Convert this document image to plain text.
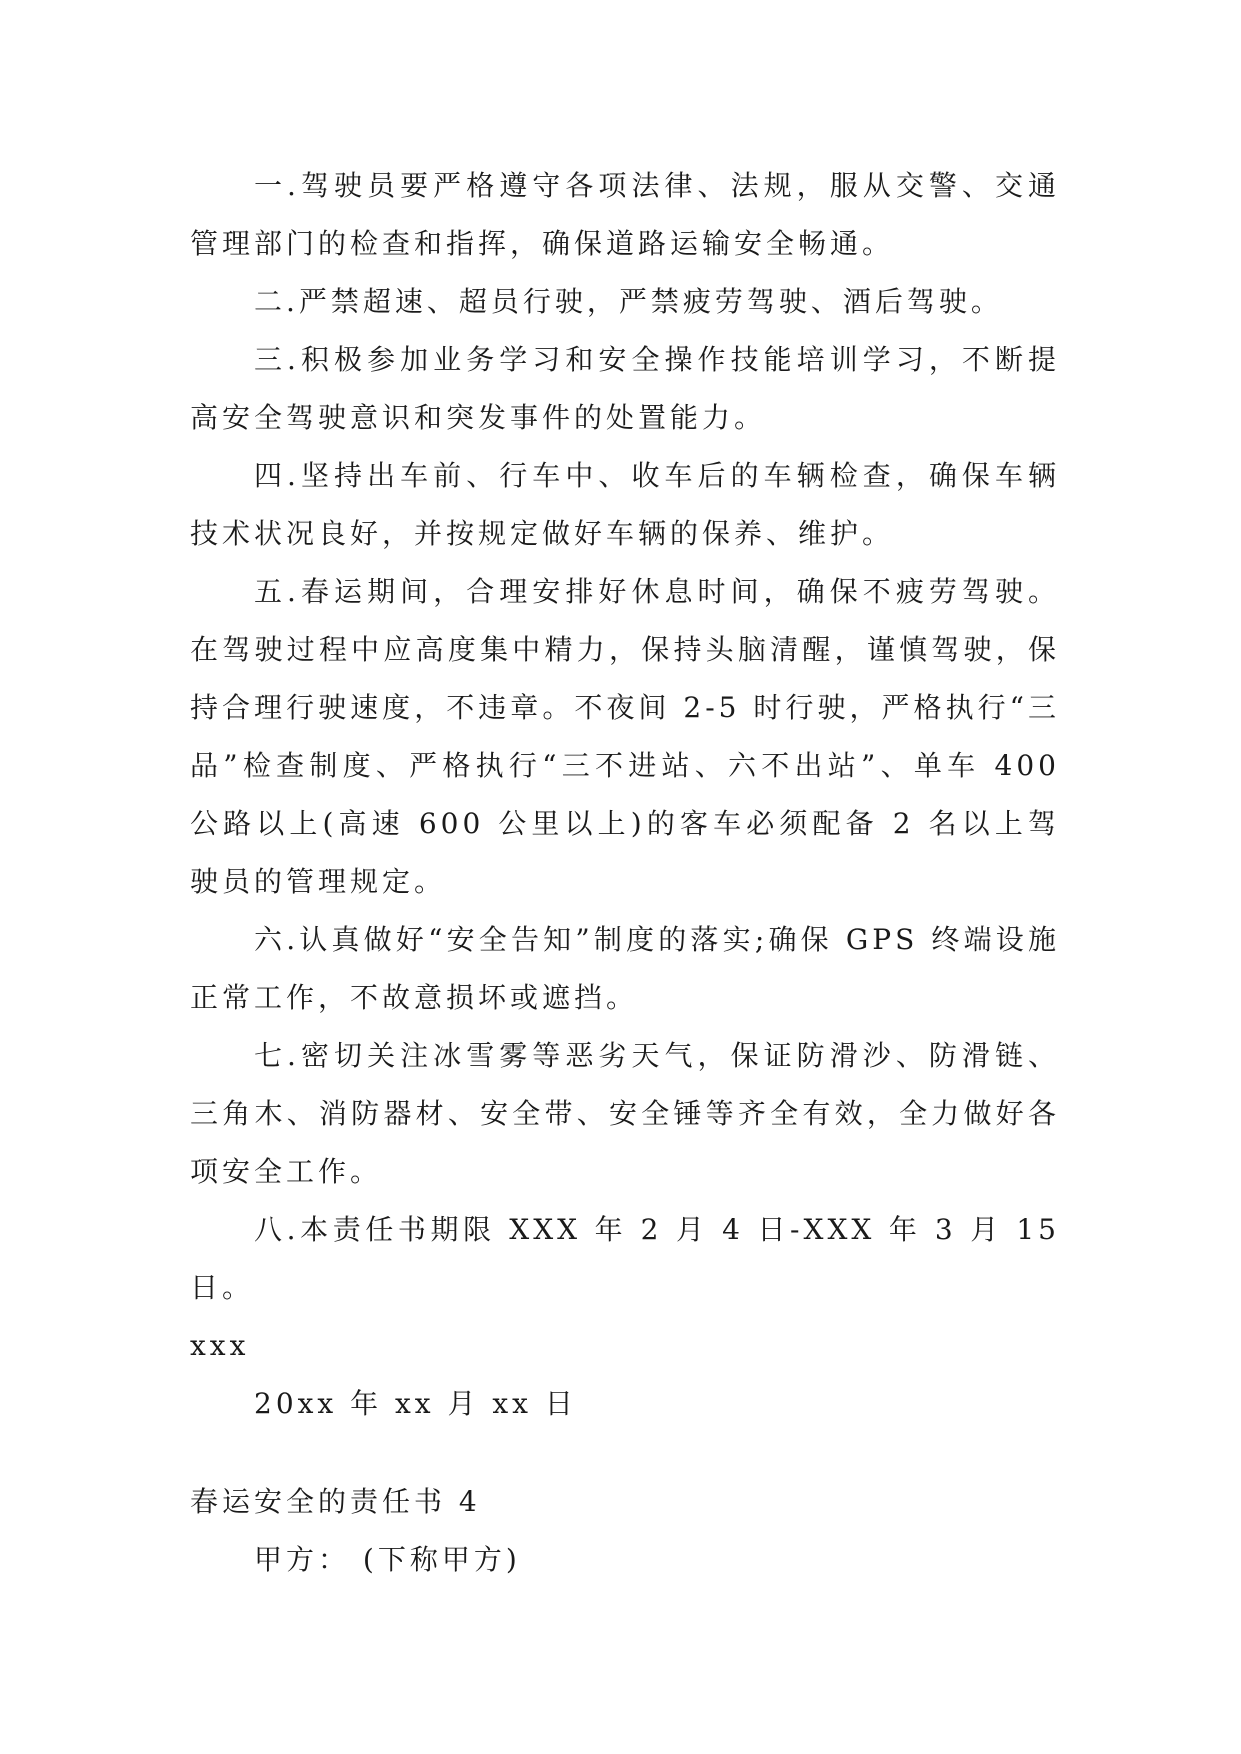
一.驾驶员要严格遵守各项法律、法规，服从交警、交通管理部门的检查和指挥，确保道路运输安全畅通。

二.严禁超速、超员行驶，严禁疲劳驾驶、酒后驾驶。

三.积极参加业务学习和安全操作技能培训学习，不断提高安全驾驶意识和突发事件的处置能力。

四.坚持出车前、行车中、收车后的车辆检查，确保车辆技术状况良好，并按规定做好车辆的保养、维护。

五.春运期间，合理安排好休息时间，确保不疲劳驾驶。在驾驶过程中应高度集中精力，保持头脑清醒，谨慎驾驶，保持合理行驶速度，不违章。不夜间 2-5 时行驶，严格执行“三品”检查制度、严格执行“三不进站、六不出站”、单车 400 公路以上(高速 600 公里以上)的客车必须配备 2 名以上驾驶员的管理规定。

六.认真做好“安全告知”制度的落实;确保 GPS 终端设施正常工作，不故意损坏或遮挡。

七.密切关注冰雪雾等恶劣天气，保证防滑沙、防滑链、三角木、消防器材、安全带、安全锤等齐全有效，全力做好各项安全工作。

八.本责任书期限 XXX 年 2 月 4 日-XXX 年 3 月 15 日。

xxx

20xx 年 xx 月 xx 日

春运安全的责任书 4

甲方： (下称甲方)
